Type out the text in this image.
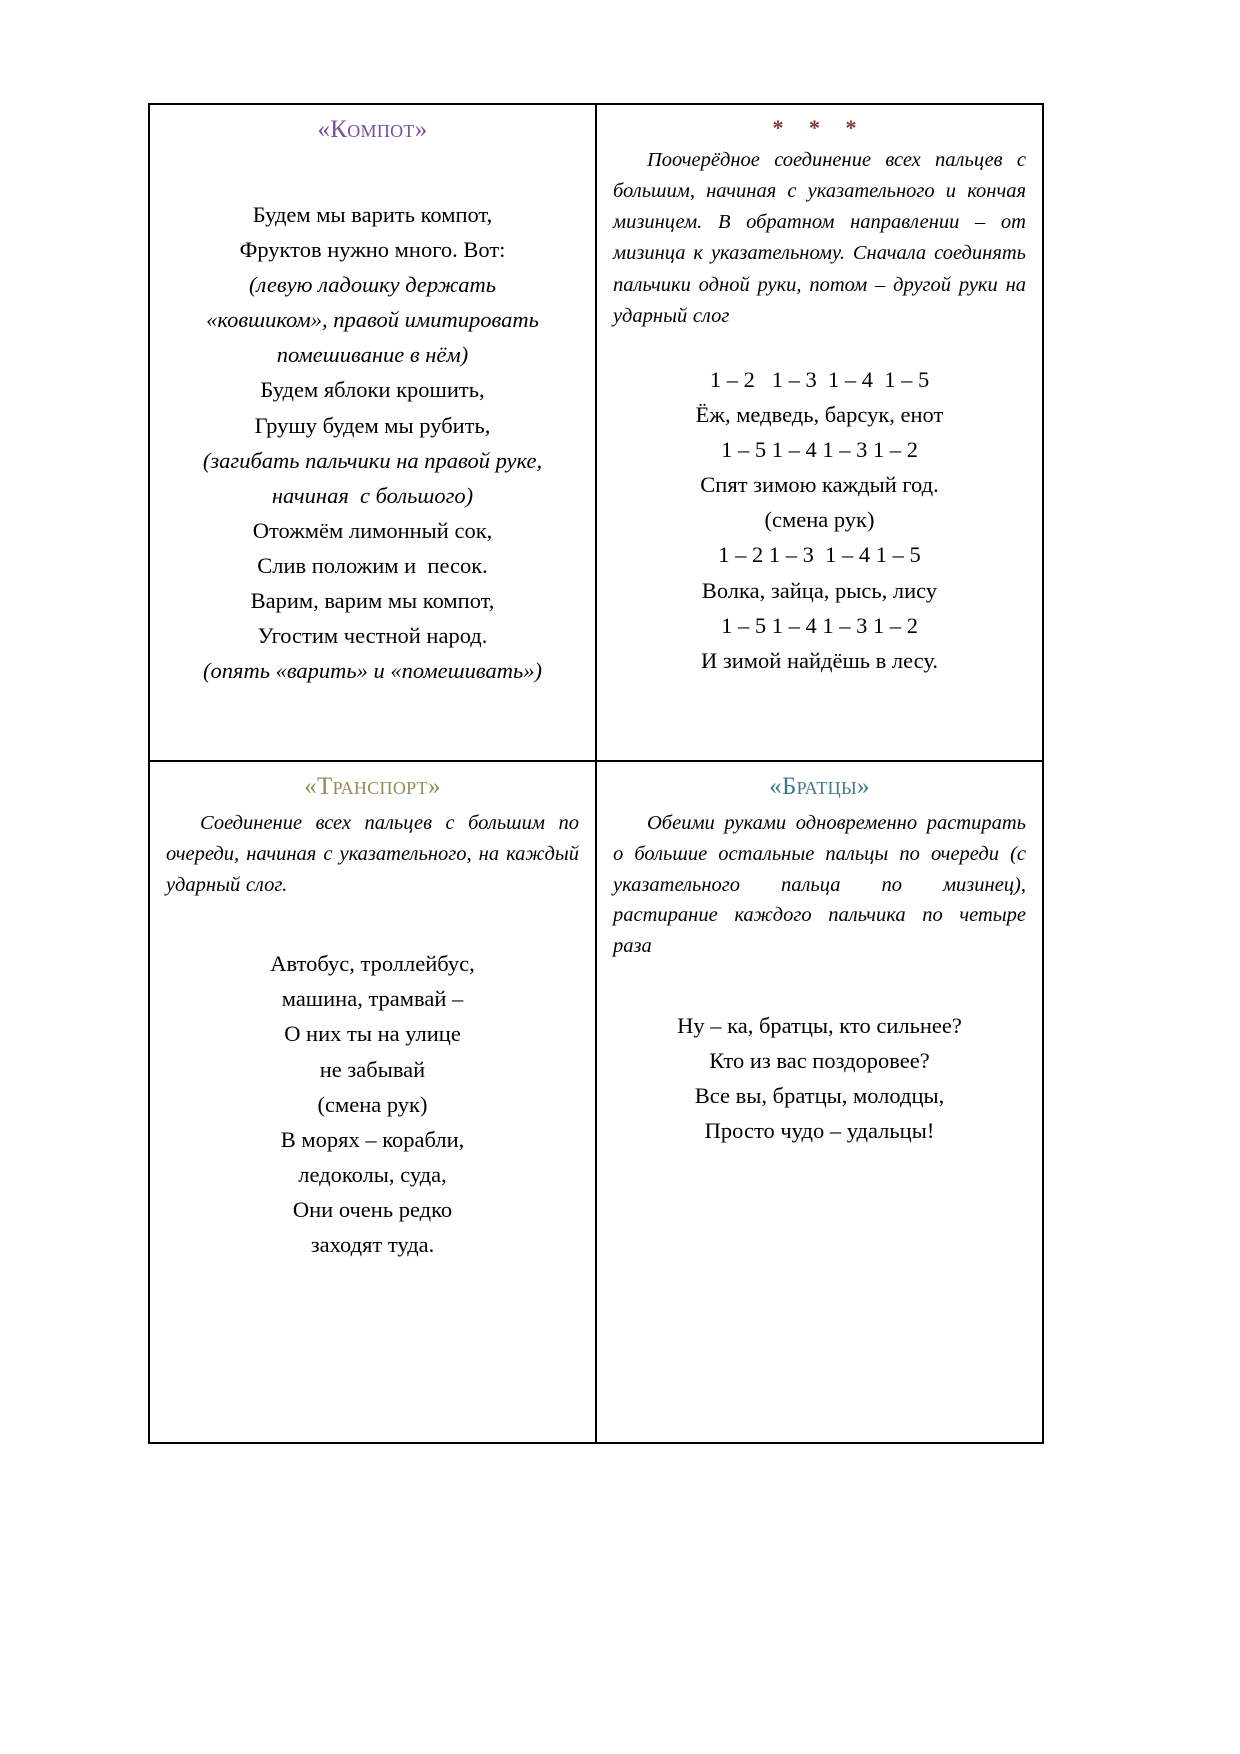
«Компот»
Будем мы варить компот,
Фруктов нужно много. Вот:
(левую ладошку держать
«ковшиком», правой имитировать
помешивание в нём)
Будем яблоки крошить,
Грушу будем мы рубить,
(загибать пальчики на правой руке,
начиная  с большого)
Отожмём лимонный сок,
Слив положим и  песок.
Варим, варим мы компот,
Угостим честной народ.
(опять «варить» и «помешивать»)

* * *

Поочерёдное соединение всех пальцев с большим, начиная с указательного и кончая мизинцем. В обратном направлении – от мизинца к указательному. Сначала соединять пальчики одной руки, потом – другой руки на ударный слог

1 – 2   1 – 3  1 – 4  1 – 5
Ёж, медведь, барсук, енот
1 – 5 1 – 4 1 – 3 1 – 2
Спят зимою каждый год.
(смена рук)
1 – 2 1 – 3  1 – 4 1 – 5
Волка, зайца, рысь, лису
1 – 5 1 – 4 1 – 3 1 – 2
И зимой найдёшь в лесу.

«Транспорт»

Соединение всех пальцев с большим по очереди, начиная с указательного, на каждый ударный слог.

Автобус, троллейбус,
машина, трамвай –
О них ты на улице
не забывай
(смена рук)
В морях – корабли,
ледоколы, суда,
Они очень редко
заходят туда.

«Братцы»

Обеими руками одновременно растирать о большие остальные пальцы по очереди (с указательного пальца по мизинец), растирание каждого пальчика по четыре раза

Ну – ка, братцы, кто сильнее?
Кто из вас поздоровее?
Все вы, братцы, молодцы,
Просто чудо – удальцы!
